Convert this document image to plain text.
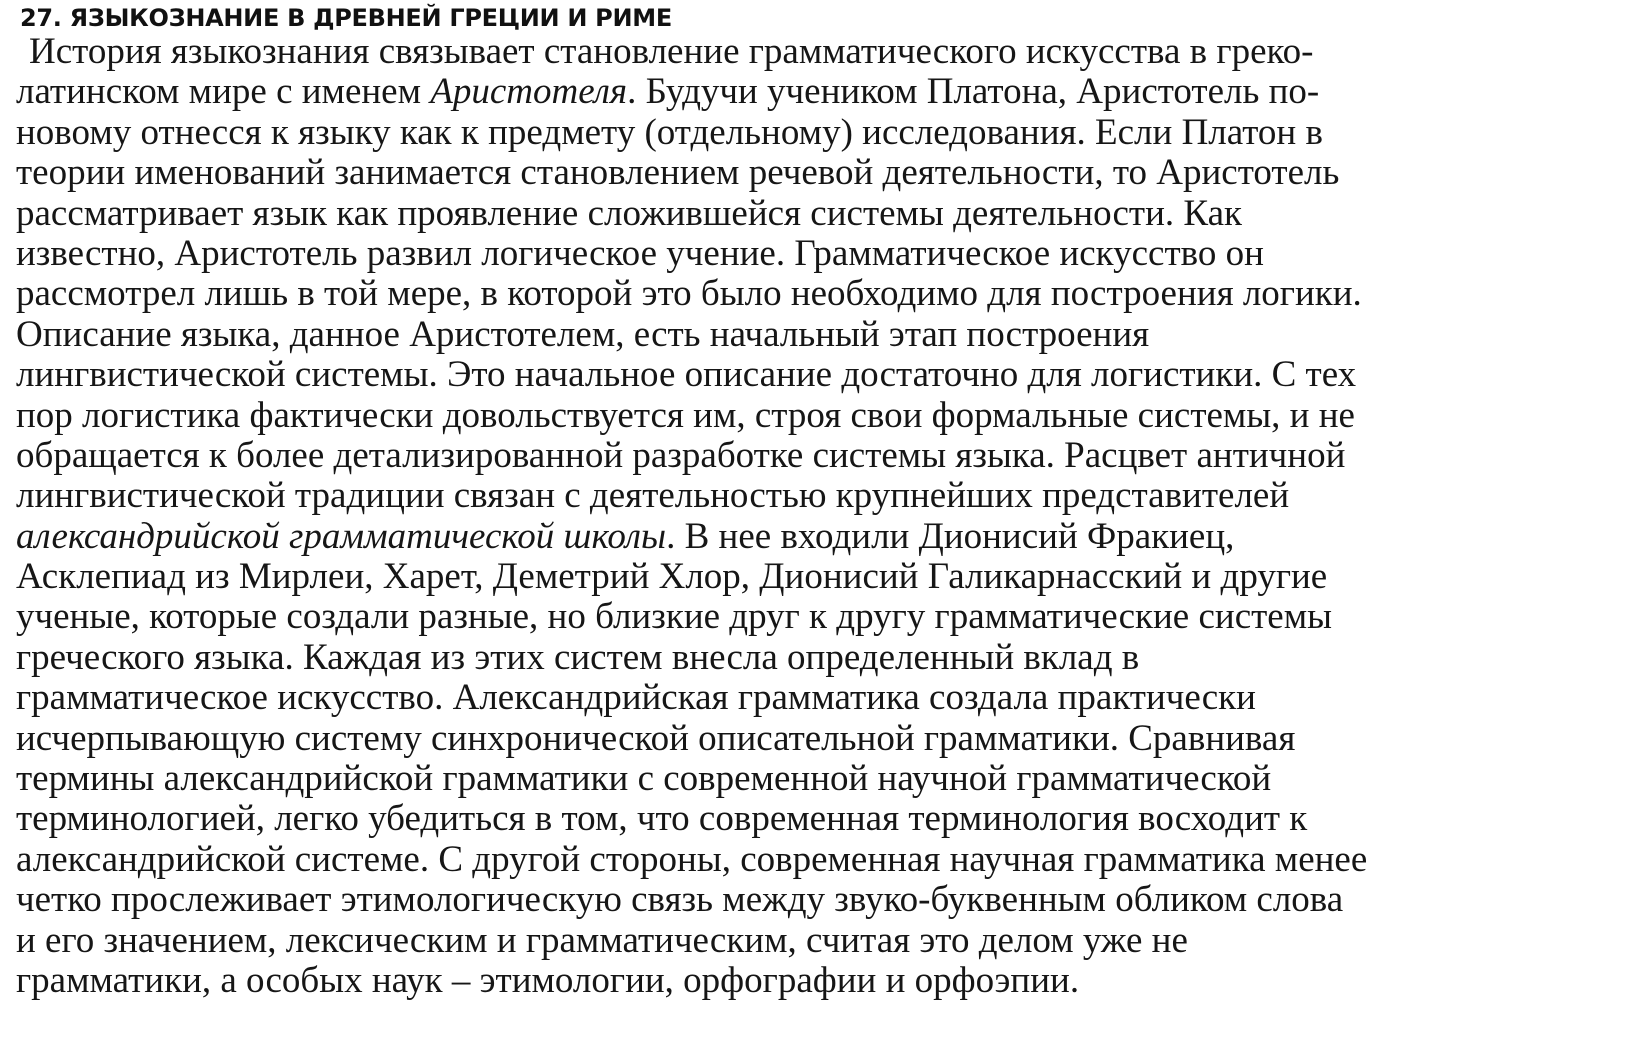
27. ЯЗЫКОЗНАНИЕ В ДРЕВНЕЙ ГРЕЦИИ И РИМЕ
История языкознания связывает становление грамматического искусства в греко-
латинском мире с именем Аристотеля. Будучи учеником Платона, Аристотель по-
новому отнесся к языку как к предмету (отдельному) исследования. Если Платон в
теории именований занимается становлением речевой деятельности, то Аристотель
рассматривает язык как проявление сложившейся системы деятельности. Как
известно, Аристотель развил логическое учение. Грамматическое искусство он
рассмотрел лишь в той мере, в которой это было необходимо для построения логики.
Описание языка, данное Аристотелем, есть начальный этап построения
лингвистической системы. Это начальное описание достаточно для логистики. С тех
пор логистика фактически довольствуется им, строя свои формальные системы, и не
обращается к более детализированной разработке системы языка. Расцвет античной
лингвистической традиции связан с деятельностью крупнейших представителей
александрийской грамматической школы. В нее входили Дионисий Фракиец,
Асклепиад из Мирлеи, Харет, Деметрий Хлор, Дионисий Галикарнасский и другие
ученые, которые создали разные, но близкие друг к другу грамматические системы
греческого языка. Каждая из этих систем внесла определенный вклад в
грамматическое искусство. Александрийская грамматика создала практически
исчерпывающую систему синхронической описательной грамматики. Сравнивая
термины александрийской грамматики с современной научной грамматической
терминологией, легко убедиться в том, что современная терминология восходит к
александрийской системе. С другой стороны, современная научная грамматика менее
четко прослеживает этимологическую связь между звуко-буквенным обликом слова
и его значением, лексическим и грамматическим, считая это делом уже не
грамматики, а особых наук – этимологии, орфографии и орфоэпии.
